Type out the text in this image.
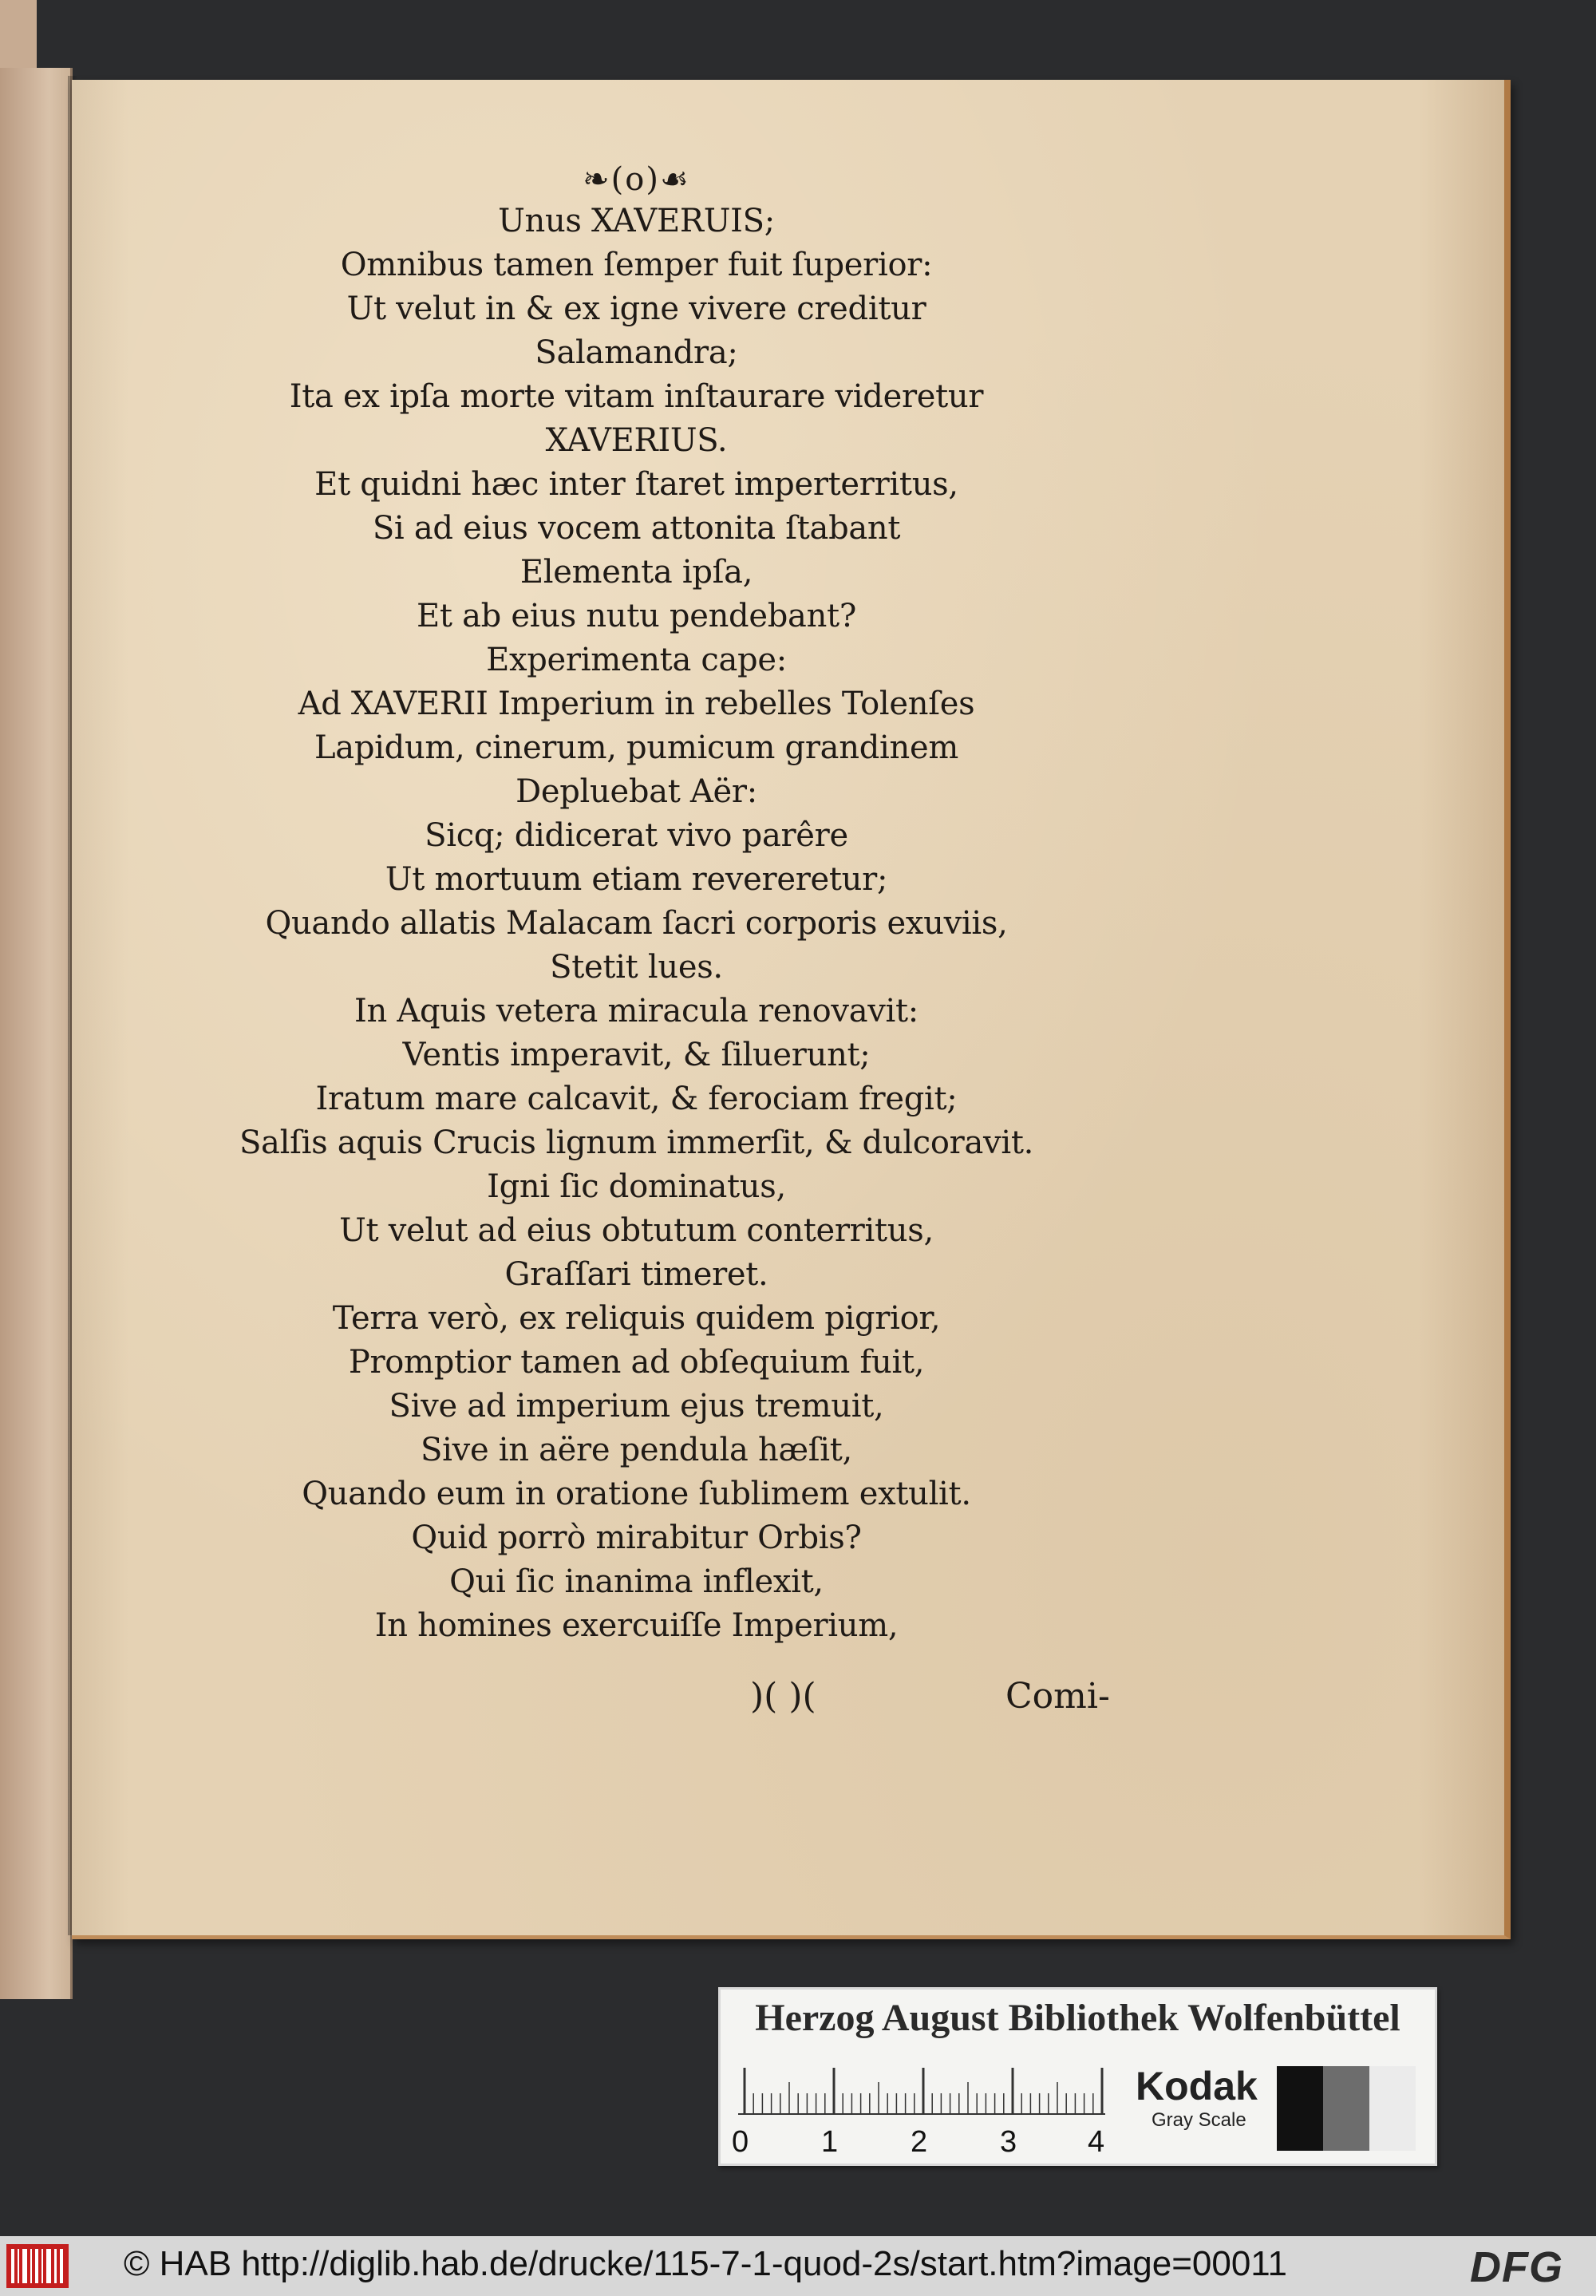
❧(o)☙
Unus XAVERUIS;
Omnibus tamen ſemper fuit ſuperior:
Ut velut in & ex igne vivere creditur
Salamandra;
Ita ex ipſa morte vitam inſtaurare videretur
XAVERIUS.
Et quidni hæc inter ſtaret imperterritus,
Si ad eius vocem attonita ſtabant
Elementa ipſa,
Et ab eius nutu pendebant?
Experimenta cape:
Ad XAVERII Imperium in rebelles Tolenſes
Lapidum, cinerum, pumicum grandinem
Depluebat Aër:
Sicq; didicerat vivo parêre
Ut mortuum etiam revereretur;
Quando allatis Malacam ſacri corporis exuviis,
Stetit lues.
In Aquis vetera miracula renovavit:
Ventis imperavit, & ſiluerunt;
Iratum mare calcavit, & ferociam fregit;
Salſis aquis Crucis lignum immerſit, & dulcoravit.
Igni ſic dominatus,
Ut velut ad eius obtutum conterritus,
Graſſari timeret.
Terra verò, ex reliquis quidem pigrior,
Promptior tamen ad obſequium fuit,
Sive ad imperium ejus tremuit,
Sive in aëre pendula hæſit,
Quando eum in oratione ſublimem extulit.
Quid porrò mirabitur Orbis?
Qui ſic inanima inflexit,
In homines exercuiſſe Imperium,
)( )(	Comi-
Herzog August Bibliothek Wolfenbüttel
0 1 2 3 4
Kodak
Gray Scale
© HAB http://diglib.hab.de/drucke/115-7-1-quod-2s/start.htm?image=00011	DFG
